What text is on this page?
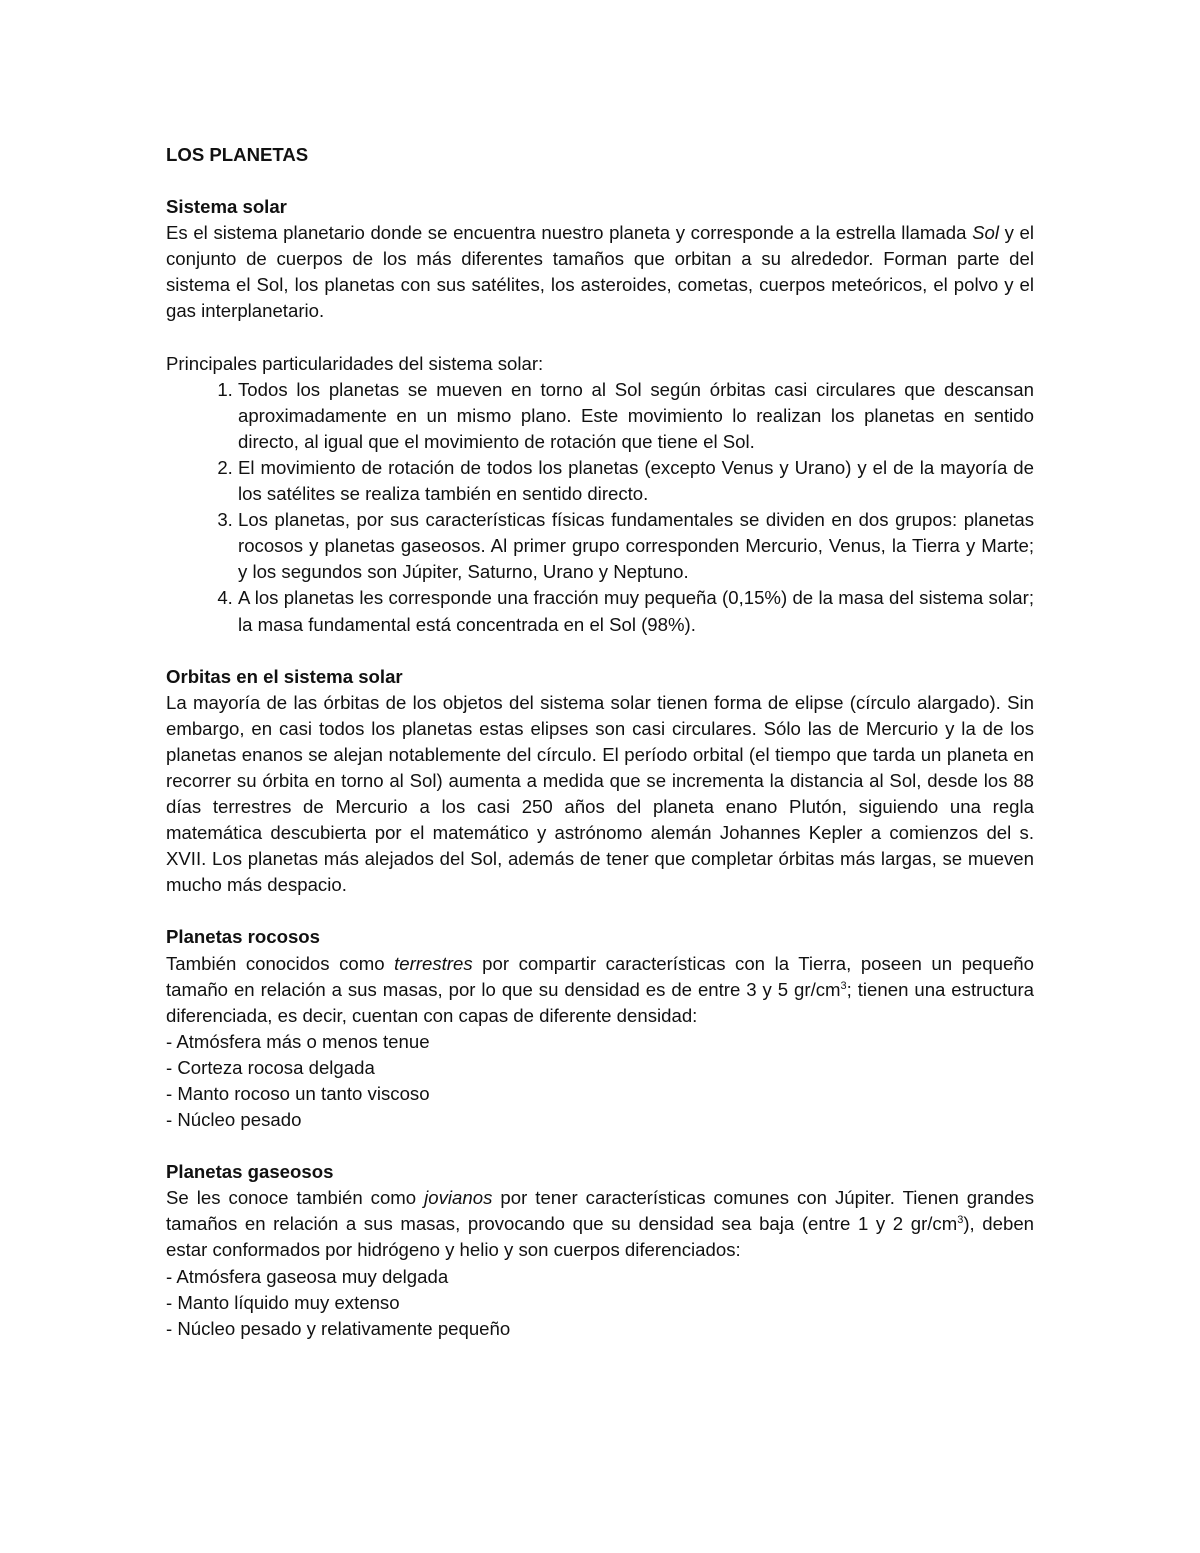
LOS PLANETAS

Sistema solar

Es el sistema planetario donde se encuentra nuestro planeta y corresponde a la estrella llamada Sol y el conjunto de cuerpos de los más diferentes tamaños que orbitan a su alrededor. Forman parte del sistema el Sol, los planetas con sus satélites, los asteroides, cometas, cuerpos meteóricos, el polvo y el gas interplanetario.

Principales particularidades del sistema solar:

1. Todos los planetas se mueven en torno al Sol según órbitas casi circulares que descansan aproximadamente en un mismo plano. Este movimiento lo realizan los planetas en sentido directo, al igual que el movimiento de rotación que tiene el Sol.
2. El movimiento de rotación de todos los planetas (excepto Venus y Urano) y el de la mayoría de los satélites se realiza también en sentido directo.
3. Los planetas, por sus características físicas fundamentales se dividen en dos grupos: planetas rocosos y planetas gaseosos. Al primer grupo corresponden Mercurio, Venus, la Tierra y Marte; y los segundos son Júpiter, Saturno, Urano y Neptuno.
4. A los planetas les corresponde una fracción muy pequeña (0,15%) de la masa del sistema solar; la masa fundamental está concentrada en el Sol (98%).

Orbitas en el sistema solar

La mayoría de las órbitas de los objetos del sistema solar tienen forma de elipse (círculo alargado). Sin embargo, en casi todos los planetas estas elipses son casi circulares. Sólo las de Mercurio y la de los planetas enanos se alejan notablemente del círculo. El período orbital (el tiempo que tarda un planeta en recorrer su órbita en torno al Sol) aumenta a medida que se incrementa la distancia al Sol, desde los 88 días terrestres de Mercurio a los casi 250 años del planeta enano Plutón, siguiendo una regla matemática descubierta por el matemático y astrónomo alemán Johannes Kepler a comienzos del s. XVII. Los planetas más alejados del Sol, además de tener que completar órbitas más largas, se mueven mucho más despacio.

Planetas rocosos

También conocidos como terrestres por compartir características con la Tierra, poseen un pequeño tamaño en relación a sus masas, por lo que su densidad es de entre 3 y 5 $gr/cm^3$; tienen una estructura diferenciada, es decir, cuentan con capas de diferente densidad:

- Atmósfera más o menos tenue
- Corteza rocosa delgada
- Manto rocoso un tanto viscoso
- Núcleo pesado

Planetas gaseosos

Se les conoce también como jovianos por tener características comunes con Júpiter. Tienen grandes tamaños en relación a sus masas, provocando que su densidad sea baja (entre 1 y 2 $gr/cm^3$), deben estar conformados por hidrógeno y helio y son cuerpos diferenciados:

- Atmósfera gaseosa muy delgada
- Manto líquido muy extenso
- Núcleo pesado y relativamente pequeño
